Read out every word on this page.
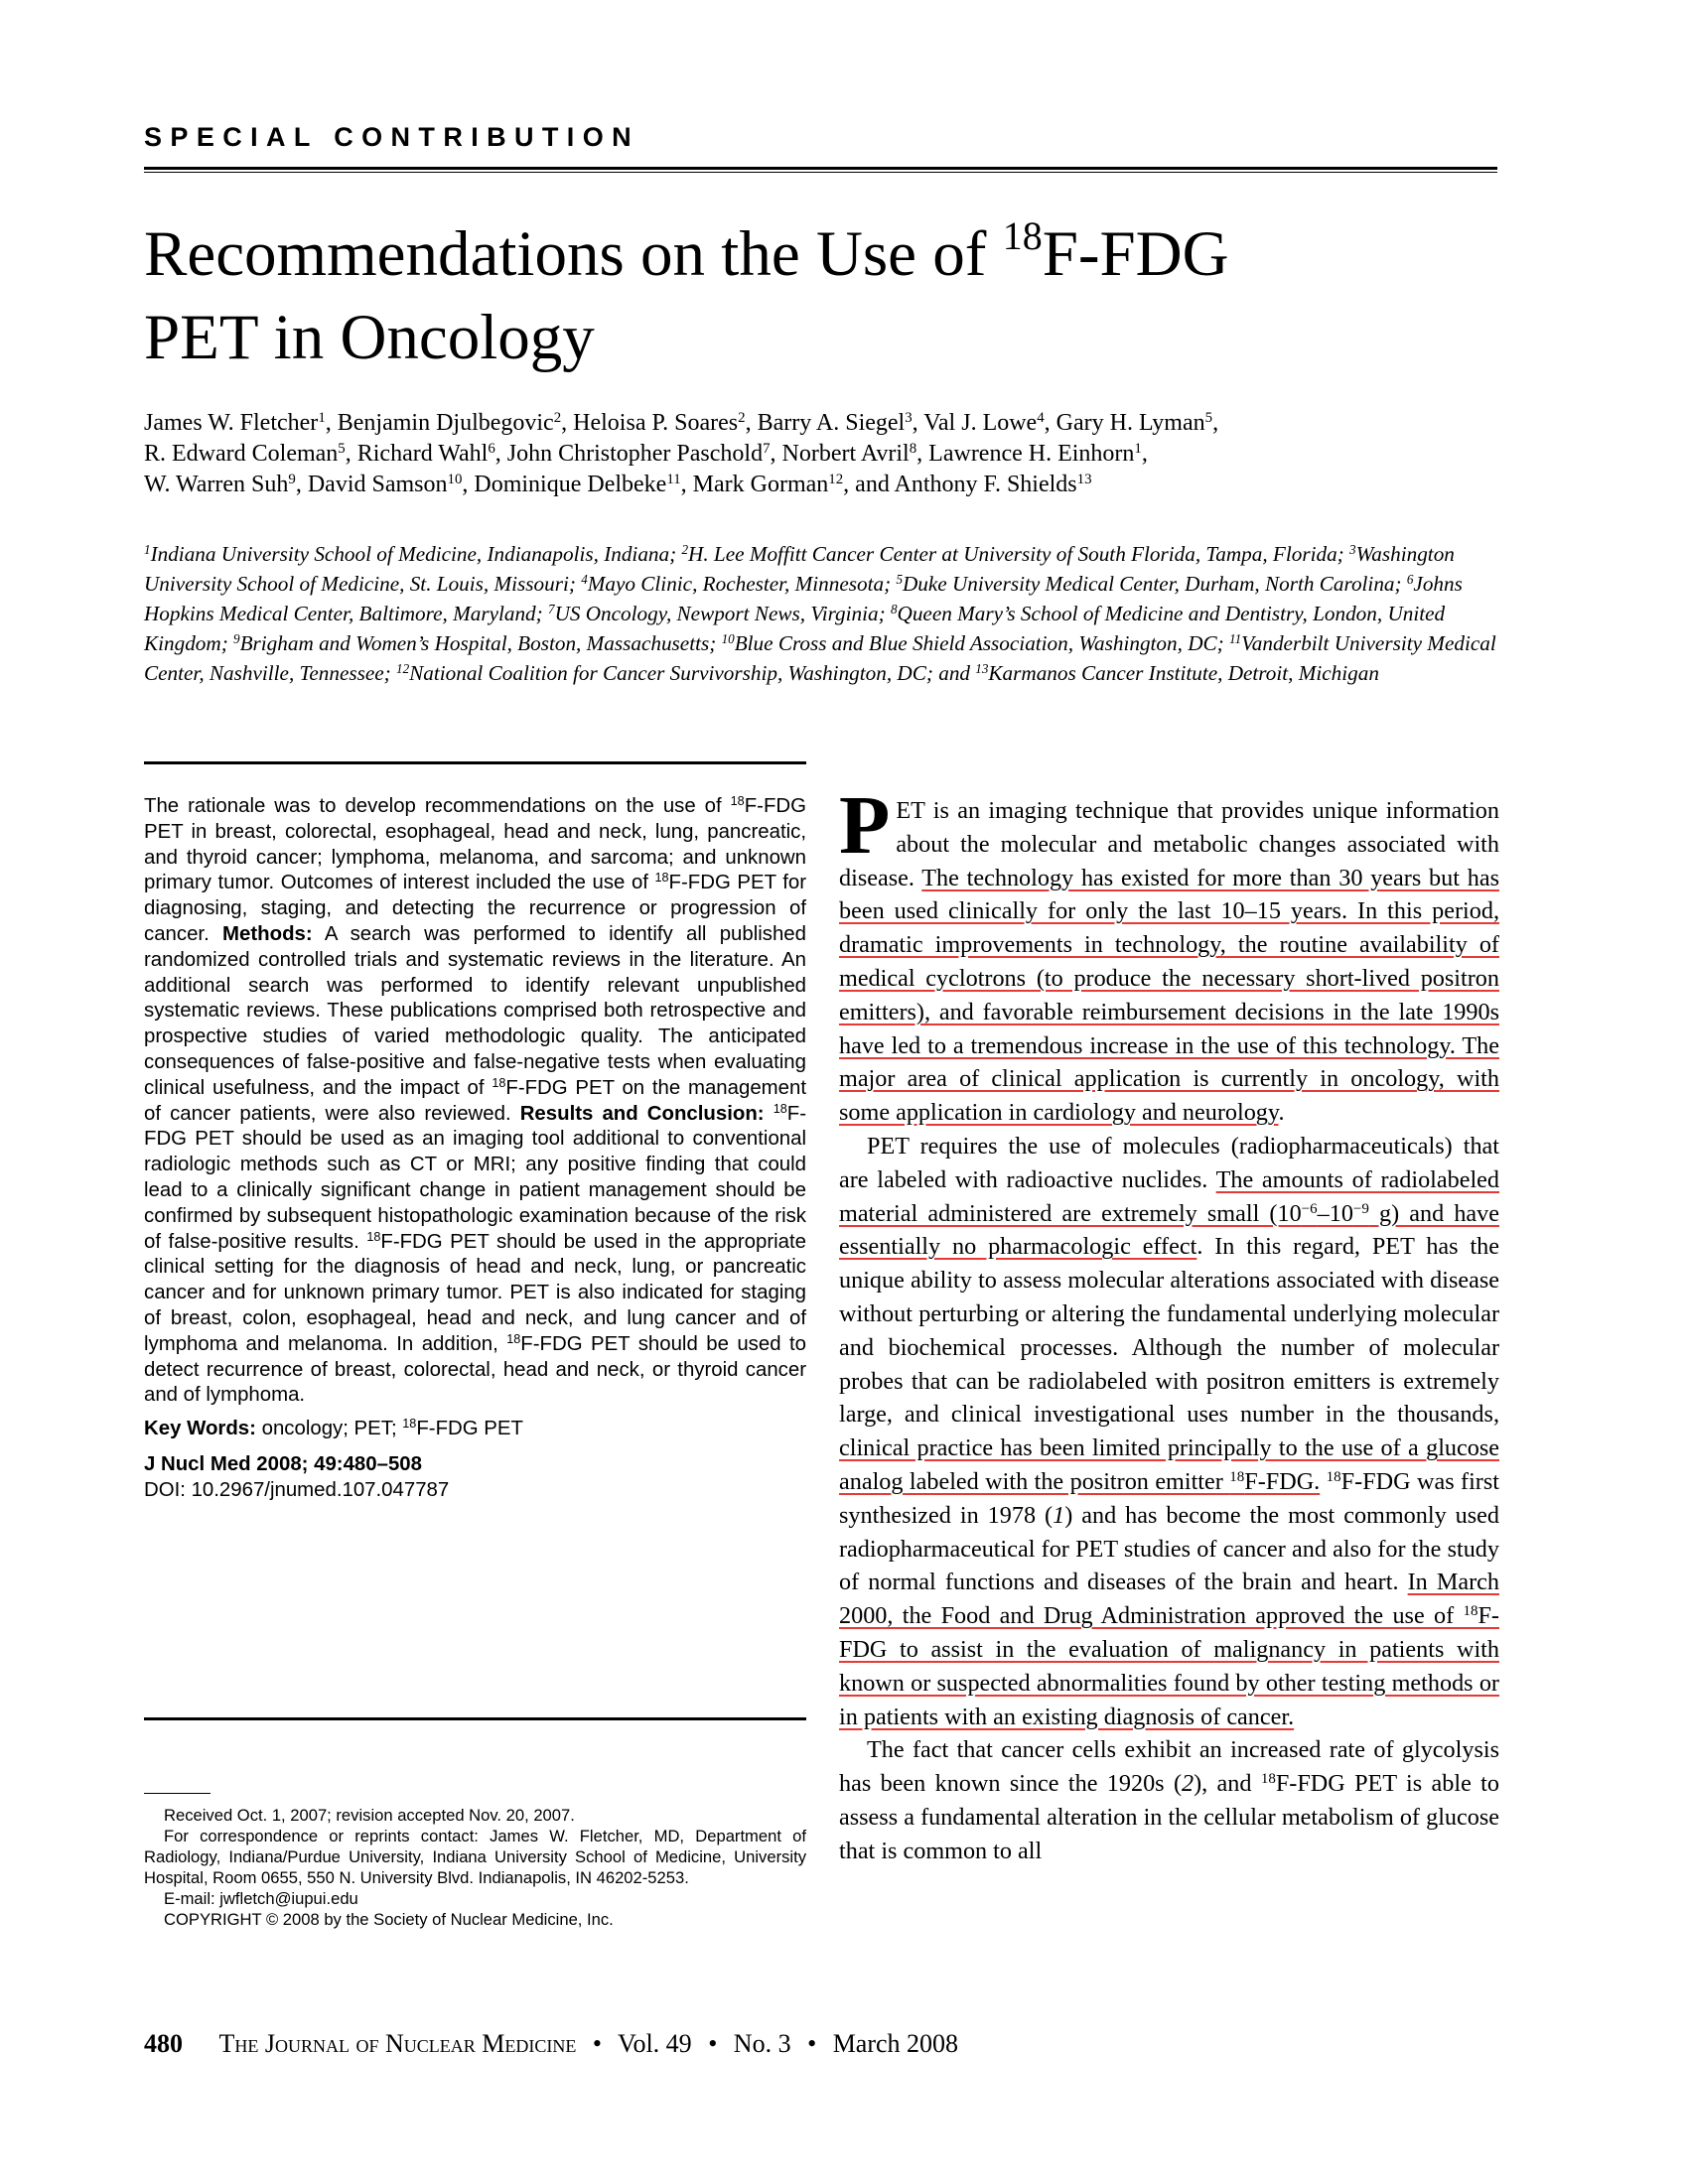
SPECIAL CONTRIBUTION
Recommendations on the Use of $^{18}$F-FDG
PET in Oncology
James W. Fletcher$^1$, Benjamin Djulbegovic$^2$, Heloisa P. Soares$^2$, Barry A. Siegel$^3$, Val J. Lowe$^4$, Gary H. Lyman$^5$,
R. Edward Coleman$^5$, Richard Wahl$^6$, John Christopher Paschold$^7$, Norbert Avril$^8$, Lawrence H. Einhorn$^1$,
W. Warren Suh$^9$, David Samson$^{10}$, Dominique Delbeke$^{11}$, Mark Gorman$^{12}$, and Anthony F. Shields$^{13}$
$^1$Indiana University School of Medicine, Indianapolis, Indiana; $^2$H. Lee Moffitt Cancer Center at University of South Florida, Tampa, Florida; $^3$Washington University School of Medicine, St. Louis, Missouri; $^4$Mayo Clinic, Rochester, Minnesota; $^5$Duke University Medical Center, Durham, North Carolina; $^6$Johns Hopkins Medical Center, Baltimore, Maryland; $^7$US Oncology, Newport News, Virginia; $^8$Queen Mary’s School of Medicine and Dentistry, London, United Kingdom; $^9$Brigham and Women’s Hospital, Boston, Massachusetts; $^{10}$Blue Cross and Blue Shield Association, Washington, DC; $^{11}$Vanderbilt University Medical Center, Nashville, Tennessee; $^{12}$National Coalition for Cancer Survivorship, Washington, DC; and $^{13}$Karmanos Cancer Institute, Detroit, Michigan

The rationale was to develop recommendations on the use of $^{18}$F-FDG PET in breast, colorectal, esophageal, head and neck, lung, pancreatic, and thyroid cancer; lymphoma, melanoma, and sarcoma; and unknown primary tumor. Outcomes of interest included the use of $^{18}$F-FDG PET for diagnosing, staging, and detecting the recurrence or progression of cancer. Methods: A search was performed to identify all published randomized controlled trials and systematic reviews in the literature. An additional search was performed to identify relevant unpublished systematic reviews. These publications comprised both retrospective and prospective studies of varied methodologic quality. The anticipated consequences of false-positive and false-negative tests when evaluating clinical usefulness, and the impact of $^{18}$F-FDG PET on the management of cancer patients, were also reviewed. Results and Conclusion: $^{18}$F-FDG PET should be used as an imaging tool additional to conventional radiologic methods such as CT or MRI; any positive finding that could lead to a clinically significant change in patient management should be confirmed by subsequent histopathologic examination because of the risk of false-positive results. $^{18}$F-FDG PET should be used in the appropriate clinical setting for the diagnosis of head and neck, lung, or pancreatic cancer and for unknown primary tumor. PET is also indicated for staging of breast, colon, esophageal, head and neck, and lung cancer and of lymphoma and melanoma. In addition, $^{18}$F-FDG PET should be used to detect recurrence of breast, colorectal, head and neck, or thyroid cancer and of lymphoma.

Key Words: oncology; PET; $^{18}$F-FDG PET

J Nucl Med 2008; 49:480–508

DOI: 10.2967/jnumed.107.047787

Received Oct. 1, 2007; revision accepted Nov. 20, 2007.

For correspondence or reprints contact: James W. Fletcher, MD, Department of Radiology, Indiana/Purdue University, Indiana University School of Medicine, University Hospital, Room 0655, 550 N. University Blvd. Indianapolis, IN 46202-5253.

E-mail: jwfletch@iupui.edu

COPYRIGHT © 2008 by the Society of Nuclear Medicine, Inc.

PET is an imaging technique that provides unique information about the molecular and metabolic changes associated with disease. The technology has existed for more than 30 years but has been used clinically for only the last 10–15 years. In this period, dramatic improvements in technology, the routine availability of medical cyclotrons (to produce the necessary short-lived positron emitters), and favorable reimbursement decisions in the late 1990s have led to a tremendous increase in the use of this technology. The major area of clinical application is currently in oncology, with some application in cardiology and neurology.

PET requires the use of molecules (radiopharmaceuticals) that are labeled with radioactive nuclides. The amounts of radiolabeled material administered are extremely small ($10^{-6}-10^{-9}$ g) and have essentially no pharmacologic effect. In this regard, PET has the unique ability to assess molecular alterations associated with disease without perturbing or altering the fundamental underlying molecular and biochemical processes. Although the number of molecular probes that can be radiolabeled with positron emitters is extremely large, and clinical investigational uses number in the thousands, clinical practice has been limited principally to the use of a glucose analog labeled with the positron emitter $^{18}$F-FDG. $^{18}$F-FDG was first synthesized in 1978 (1) and has become the most commonly used radiopharmaceutical for PET studies of cancer and also for the study of normal functions and diseases of the brain and heart. In March 2000, the Food and Drug Administration approved the use of $^{18}$F-FDG to assist in the evaluation of malignancy in patients with known or suspected abnormalities found by other testing methods or in patients with an existing diagnosis of cancer.

The fact that cancer cells exhibit an increased rate of glycolysis has been known since the 1920s (2), and $^{18}$F-FDG PET is able to assess a fundamental alteration in the cellular metabolism of glucose that is common to all

480 The Journal of Nuclear Medicine • Vol. 49 • No. 3 • March 2008
